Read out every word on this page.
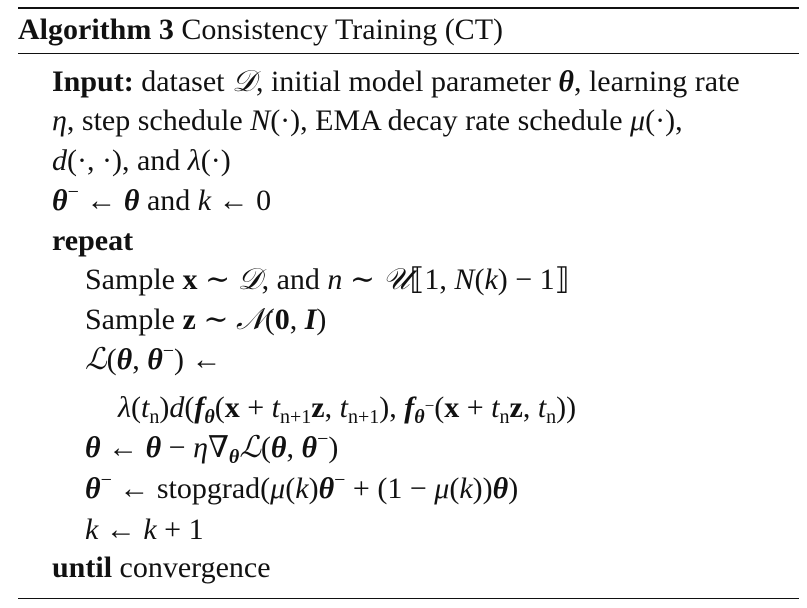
Algorithm 3 Consistency Training (CT)
Input: dataset 𝒟, initial model parameter θ, learning rate
η, step schedule N(·), EMA decay rate schedule μ(·),
d(·, ·), and λ(·)
θ− ← θ and k ← 0
repeat
Sample x ∼ 𝒟, and n ∼ 𝒰⟦1, N(k) − 1⟧
Sample z ∼ 𝒩(0, I)
ℒ(θ, θ−) ←
$\lambda(t_n)d(f_\theta(x + t_{n+1}z$, $t_{n+1}$), $f_{\theta^-}(x + t_nz$, $t_n$))
θ ← $\theta - \eta\nabla_\theta ℒ(\theta$, θ−)
θ− ← stopgrad(μ(k)θ− + (1 − μ(k))θ)
k ← k + 1
until convergence
